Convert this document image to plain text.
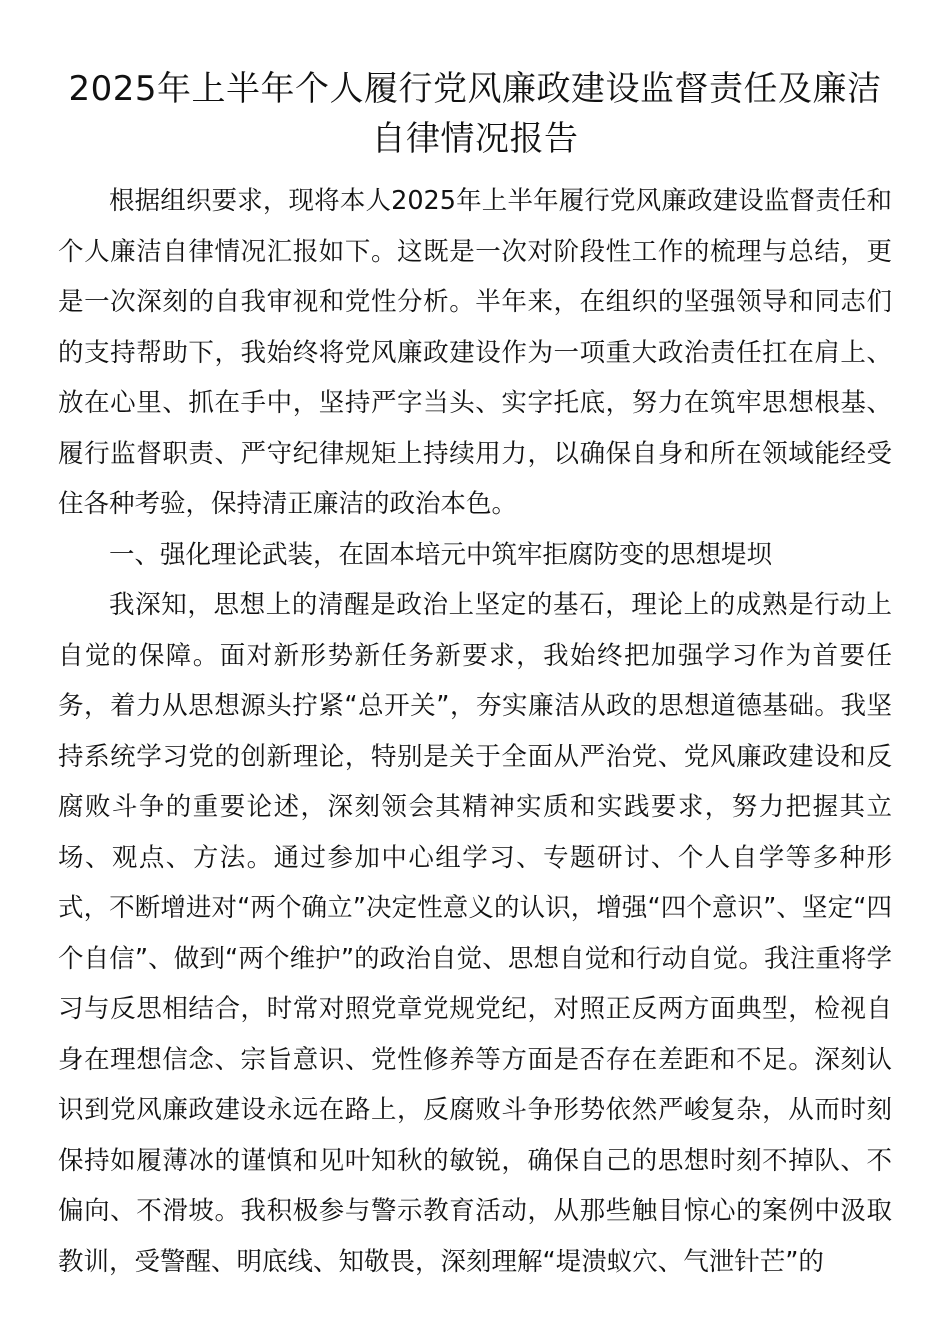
2025年上半年个人履行党风廉政建设监督责任及廉洁自律情况报告

根据组织要求，现将本人2025年上半年履行党风廉政建设监督责任和个人廉洁自律情况汇报如下。这既是一次对阶段性工作的梳理与总结，更是一次深刻的自我审视和党性分析。半年来，在组织的坚强领导和同志们的支持帮助下，我始终将党风廉政建设作为一项重大政治责任扛在肩上、放在心里、抓在手中，坚持严字当头、实字托底，努力在筑牢思想根基、履行监督职责、严守纪律规矩上持续用力，以确保自身和所在领域能经受住各种考验，保持清正廉洁的政治本色。

一、强化理论武装，在固本培元中筑牢拒腐防变的思想堤坝

我深知，思想上的清醒是政治上坚定的基石，理论上的成熟是行动上自觉的保障。面对新形势新任务新要求，我始终把加强学习作为首要任务，着力从思想源头拧紧“总开关”，夯实廉洁从政的思想道德基础。我坚持系统学习党的创新理论，特别是关于全面从严治党、党风廉政建设和反腐败斗争的重要论述，深刻领会其精神实质和实践要求，努力把握其立场、观点、方法。通过参加中心组学习、专题研讨、个人自学等多种形式，不断增进对“两个确立”决定性意义的认识，增强“四个意识”、坚定“四个自信”、做到“两个维护”的政治自觉、思想自觉和行动自觉。我注重将学习与反思相结合，时常对照党章党规党纪，对照正反两方面典型，检视自身在理想信念、宗旨意识、党性修养等方面是否存在差距和不足。深刻认识到党风廉政建设永远在路上，反腐败斗争形势依然严峻复杂，从而时刻保持如履薄冰的谨慎和见叶知秋的敏锐，确保自己的思想时刻不掉队、不偏向、不滑坡。我积极参与警示教育活动，从那些触目惊心的案例中汲取教训，受警醒、明底线、知敬畏，深刻理解“堤溃蚁穴、气泄针芒”的
